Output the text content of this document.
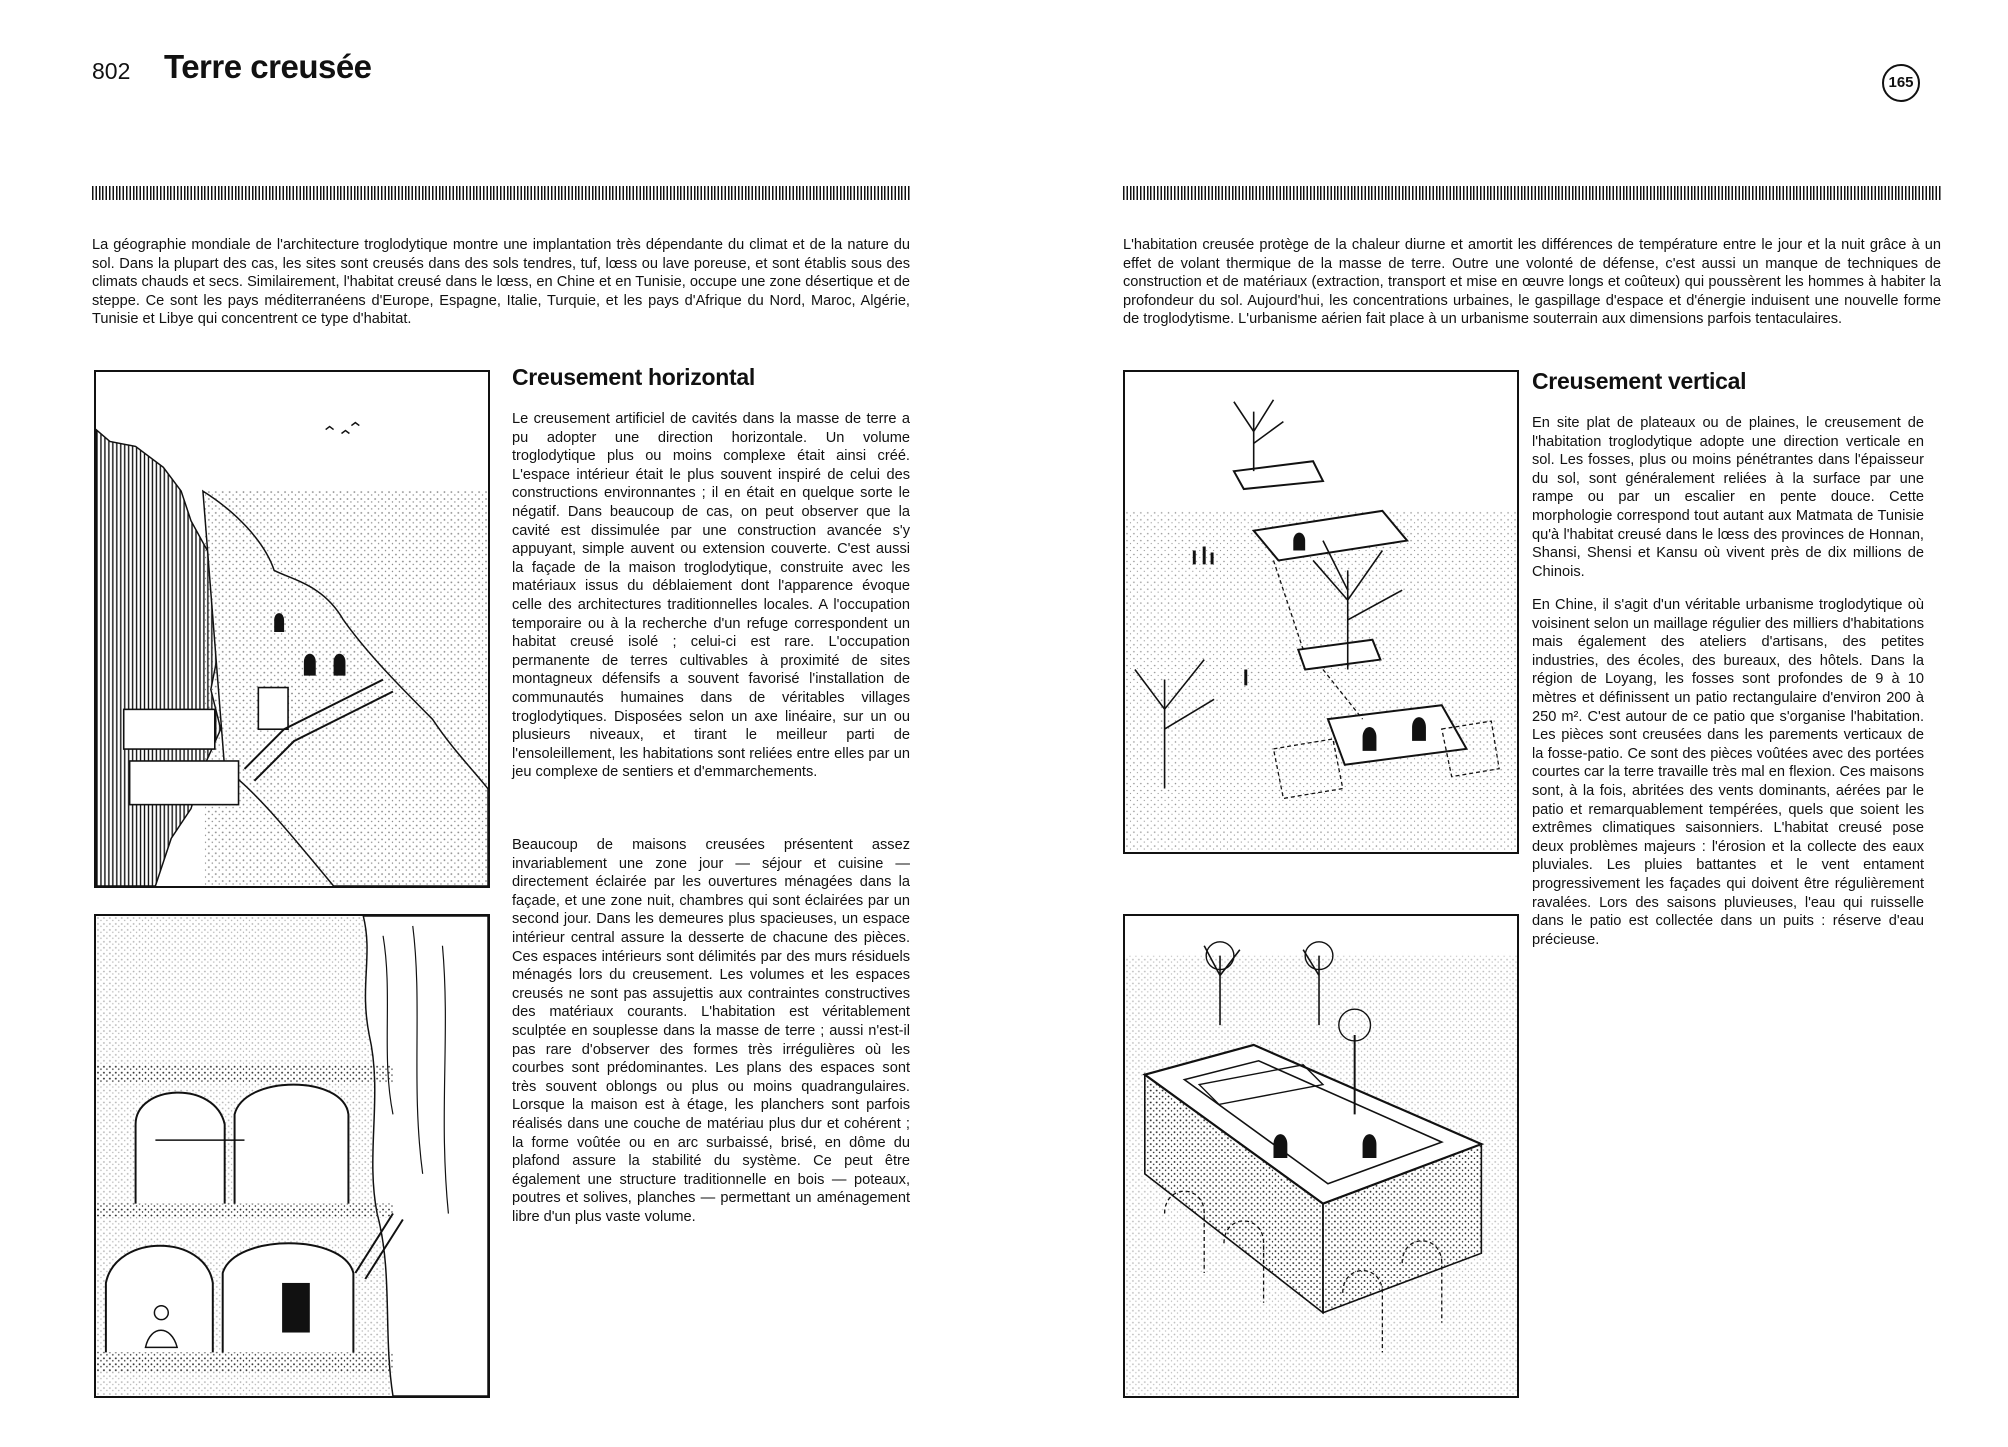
802 Terre creusée	165

La géographie mondiale de l'architecture troglodytique montre une implantation très dépendante du climat et de la nature du sol. Dans la plupart des cas, les sites sont creusés dans des sols tendres, tuf, lœss ou lave poreuse, et sont établis sous des climats chauds et secs. Similairement, l'habitat creusé dans le lœss, en Chine et en Tunisie, occupe une zone désertique et de steppe. Ce sont les pays méditerranéens d'Europe, Espagne, Italie, Turquie, et les pays d'Afrique du Nord, Maroc, Algérie, Tunisie et Libye qui concentrent ce type d'habitat.

Creusement horizontal

Le creusement artificiel de cavités dans la masse de terre a pu adopter une direction horizontale. Un volume troglodytique plus ou moins complexe était ainsi créé. L'espace intérieur était le plus souvent inspiré de celui des constructions environnantes ; il en était en quelque sorte le négatif. Dans beaucoup de cas, on peut observer que la cavité est dissimulée par une construction avancée s'y appuyant, simple auvent ou extension couverte. C'est aussi la façade de la maison troglodytique, construite avec les matériaux issus du déblaiement dont l'apparence évoque celle des architectures traditionnelles locales. A l'occupation temporaire ou à la recherche d'un refuge correspondent un habitat creusé isolé ; celui-ci est rare. L'occupation permanente de terres cultivables à proximité de sites montagneux défensifs a souvent favorisé l'installation de communautés humaines dans de véritables villages troglodytiques. Disposées selon un axe linéaire, sur un ou plusieurs niveaux, et tirant le meilleur parti de l'ensoleillement, les habitations sont reliées entre elles par un jeu complexe de sentiers et d'emmarchements.

Beaucoup de maisons creusées présentent assez invariablement une zone jour — séjour et cuisine — directement éclairée par les ouvertures ménagées dans la façade, et une zone nuit, chambres qui sont éclairées par un second jour. Dans les demeures plus spacieuses, un espace intérieur central assure la desserte de chacune des pièces. Ces espaces intérieurs sont délimités par des murs résiduels ménagés lors du creusement. Les volumes et les espaces creusés ne sont pas assujettis aux contraintes constructives des matériaux courants. L'habitation est véritablement sculptée en souplesse dans la masse de terre ; aussi n'est-il pas rare d'observer des formes très irrégulières où les courbes sont prédominantes. Les plans des espaces sont très souvent oblongs ou plus ou moins quadrangulaires. Lorsque la maison est à étage, les planchers sont parfois réalisés dans une couche de matériau plus dur et cohérent ; la forme voûtée ou en arc surbaissé, brisé, en dôme du plafond assure la stabilité du système. Ce peut être également une structure traditionnelle en bois — poteaux, poutres et solives, planches — permettant un aménagement libre d'un plus vaste volume.

L'habitation creusée protège de la chaleur diurne et amortit les différences de température entre le jour et la nuit grâce à un effet de volant thermique de la masse de terre. Outre une volonté de défense, c'est aussi un manque de techniques de construction et de matériaux (extraction, transport et mise en œuvre longs et coûteux) qui poussèrent les hommes à habiter la profondeur du sol. Aujourd'hui, les concentrations urbaines, le gaspillage d'espace et d'énergie induisent une nouvelle forme de troglodytisme. L'urbanisme aérien fait place à un urbanisme souterrain aux dimensions parfois tentaculaires.

Creusement vertical

En site plat de plateaux ou de plaines, le creusement de l'habitation troglodytique adopte une direction verticale en sol. Les fosses, plus ou moins pénétrantes dans l'épaisseur du sol, sont généralement reliées à la surface par une rampe ou par un escalier en pente douce. Cette morphologie correspond tout autant aux Matmata de Tunisie qu'à l'habitat creusé dans le lœss des provinces de Honnan, Shansi, Shensi et Kansu où vivent près de dix millions de Chinois.

En Chine, il s'agit d'un véritable urbanisme troglodytique où voisinent selon un maillage régulier des milliers d'habitations mais également des ateliers d'artisans, des petites industries, des écoles, des bureaux, des hôtels. Dans la région de Loyang, les fosses sont profondes de 9 à 10 mètres et définissent un patio rectangulaire d'environ 200 à 250 m². C'est autour de ce patio que s'organise l'habitation. Les pièces sont creusées dans les parements verticaux de la fosse-patio. Ce sont des pièces voûtées avec des portées courtes car la terre travaille très mal en flexion. Ces maisons sont, à la fois, abritées des vents dominants, aérées par le patio et remarquablement tempérées, quels que soient les extrêmes climatiques saisonniers. L'habitat creusé pose deux problèmes majeurs : l'érosion et la collecte des eaux pluviales. Les pluies battantes et le vent entament progressivement les façades qui doivent être régulièrement ravalées. Lors des saisons pluvieuses, l'eau qui ruisselle dans le patio est collectée dans un puits : réserve d'eau précieuse.
